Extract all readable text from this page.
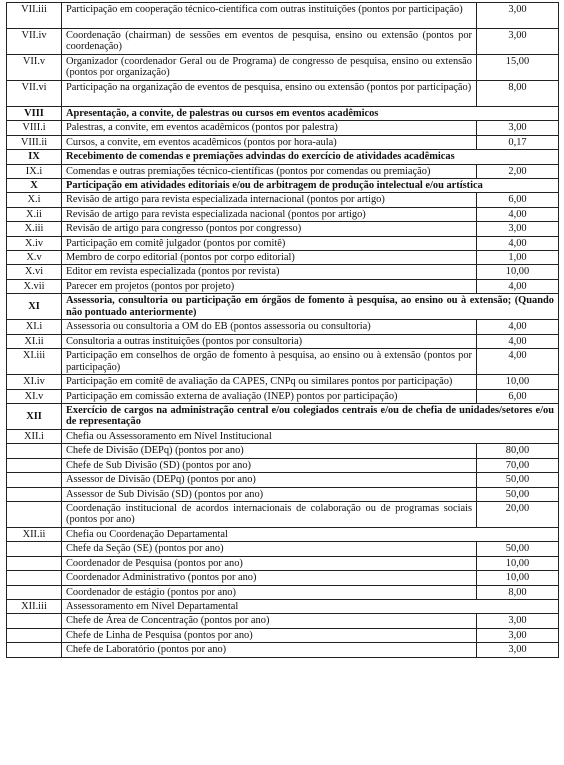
VII.iii	Participação em cooperação técnico-científica com outras instituições (pontos por participação)	3,00
VII.iv	Coordenação (chairman) de sessões em eventos de pesquisa, ensino ou extensão (pontos por coordenação)	3,00
VII.v	Organizador (coordenador Geral ou de Programa) de congresso de pesquisa, ensino ou extensão (pontos por organização)	15,00
VII.vi	Participação na organização de eventos de pesquisa, ensino ou extensão (pontos por participação)	8,00
VIII	Apresentação, a convite, de palestras ou cursos em eventos acadêmicos	
VIII.i	Palestras, a convite, em eventos acadêmicos (pontos por palestra)	3,00
VIII.ii	Cursos, a convite, em eventos acadêmicos (pontos por hora-aula)	0,17
IX	Recebimento de comendas e premiações advindas do exercício de atividades acadêmicas	
IX.i	Comendas e outras premiações técnico-científicas (pontos por comendas ou premiação)	2,00
X	Participação em atividades editoriais e/ou de arbitragem de produção intelectual e/ou artística	
X.i	Revisão de artigo para revista especializada internacional (pontos por artigo)	6,00
X.ii	Revisão de artigo para revista especializada nacional (pontos por artigo)	4,00
X.iii	Revisão de artigo para congresso (pontos por congresso)	3,00
X.iv	Participação em comitê julgador (pontos por comitê)	4,00
X.v	Membro de corpo editorial (pontos por corpo editorial)	1,00
X.vi	Editor em revista especializada (pontos por revista)	10,00
X.vii	Parecer em projetos (pontos por projeto)	4,00
XI	Assessoria, consultoria ou participação em órgãos de fomento à pesquisa, ao ensino ou à extensão; (Quando não pontuado anteriormente)	
XI.i	Assessoria ou consultoria a OM do EB (pontos assessoria ou consultoria)	4,00
XI.ii	Consultoria a outras instituições (pontos por consultoria)	4,00
XI.iii	Participação em conselhos de orgão de fomento à pesquisa, ao ensino ou à extensão (pontos por participação)	4,00
XI.iv	Participação em comitê de avaliação da CAPES, CNPq ou similares pontos por participação)	10,00
XI.v	Participação em comissão externa de avaliação (INEP) pontos por participação)	6,00
XII	Exercício de cargos na administração central e/ou colegiados centrais e/ou de chefia de unidades/setores e/ou de representação	
XII.i	Chefia ou Assessoramento em Nível Institucional	
	Chefe de Divisão (DEPq) (pontos por ano)	80,00
	Chefe de Sub Divisão (SD) (pontos por ano)	70,00
	Assessor de Divisão (DEPq) (pontos por ano)	50,00
	Assessor de Sub Divisão (SD) (pontos por ano)	50,00
	Coordenação institucional de acordos internacionais de colaboração ou de programas sociais (pontos por ano)	20,00
XII.ii	Chefia ou Coordenação Departamental	
	Chefe da Seção (SE) (pontos por ano)	50,00
	Coordenador de Pesquisa (pontos por ano)	10,00
	Coordenador Administrativo (pontos por ano)	10,00
	Coordenador de estágio (pontos por ano)	8,00
XII.iii	Assessoramento em Nível Departamental	
	Chefe de Área de Concentração (pontos por ano)	3,00
	Chefe de Linha de Pesquisa (pontos por ano)	3,00
	Chefe de Laboratório (pontos por ano)	3,00
